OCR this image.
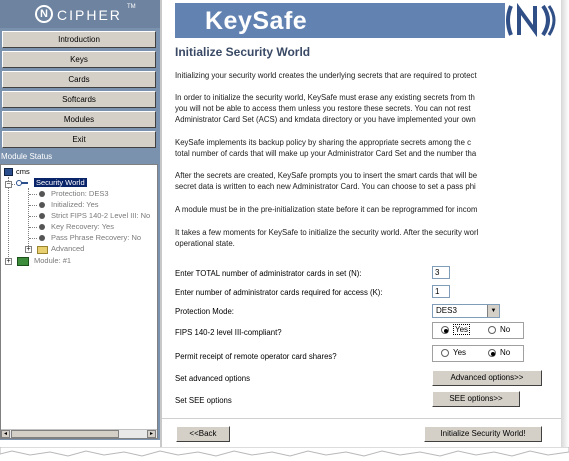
N CIPHER TM
Introduction
Keys
Cards
Softcards
Modules
Exit
Module Status
cms
−	Security World
Protection: DES3
Initialized: Yes
Strict FIPS 140-2 Level III: No
Key Recovery: Yes
Pass Phrase Recovery: No
+	Advanced
+	Module: #1
◂	▸
KeySafe
Initialize Security World
Initializing your security world creates the underlying secrets that are required to protect
In order to initialize the security world, KeySafe must erase any existing secrets from th
you will not be able to access them unless you restore these secrets. You can not rest
Administrator Card Set (ACS) and kmdata directory or you have implemented your own
KeySafe implements its backup policy by sharing the appropriate secrets among the c
total number of cards that will make up your Administrator Card Set and the number tha
After the secrets are created, KeySafe prompts you to insert the smart cards that will be
secret data is written to each new Administrator Card. You can choose to set a pass phi
A module must be in the pre-initialization state before it can be reprogrammed for incom
It takes a few moments for KeySafe to initialize the security world. After the security worl
operational state.
Enter TOTAL number of administrator cards in set (N):	3
Enter number of administrator cards required for access (K):	1
Protection Mode:	DES3	▼
FIPS 140-2 level III-compliant?	Yes	No
Permit receipt of remote operator card shares?	Yes	No
Set advanced options	Advanced options>>
Set SEE options	SEE options>>
<<Back	Initialize Security World!
